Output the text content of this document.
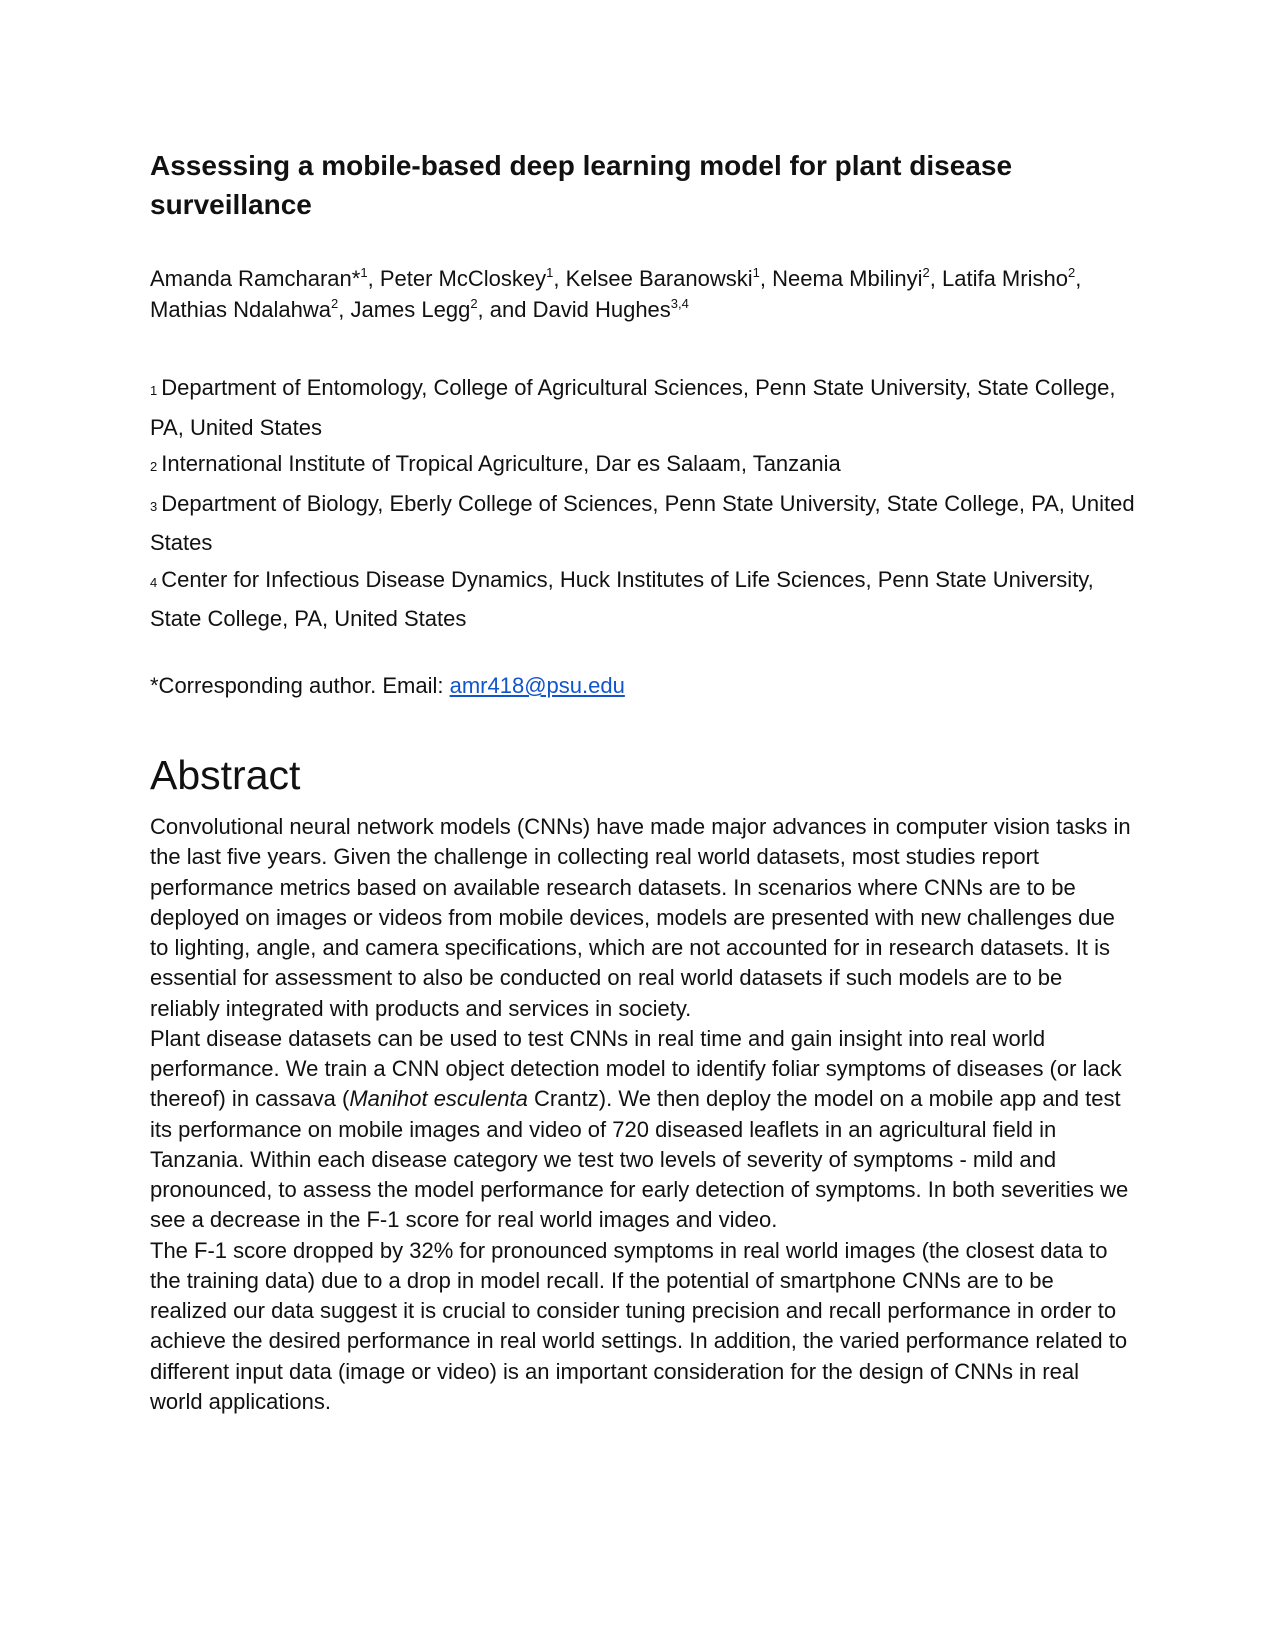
Assessing a mobile-based deep learning model for plant disease surveillance
Amanda Ramcharan*$^1$, Peter McCloskey$^1$, Kelsee Baranowski$^1$, Neema Mbilinyi$^2$, Latifa Mrisho$^2$,
Mathias Ndalahwa$^2$, James Legg$^2$, and David Hughes$^{3,4}$
1 Department of Entomology, College of Agricultural Sciences, Penn State University, State College, PA, United States
2 International Institute of Tropical Agriculture, Dar es Salaam, Tanzania
3 Department of Biology, Eberly College of Sciences, Penn State University, State College, PA, United States
4 Center for Infectious Disease Dynamics, Huck Institutes of Life Sciences, Penn State University, State College, PA, United States
*Corresponding author. Email: amr418@psu.edu
Abstract

Convolutional neural network models (CNNs) have made major advances in computer vision tasks in the last five years. Given the challenge in collecting real world datasets, most studies report performance metrics based on available research datasets. In scenarios where CNNs are to be deployed on images or videos from mobile devices, models are presented with new challenges due to lighting, angle, and camera specifications, which are not accounted for in research datasets. It is essential for assessment to also be conducted on real world datasets if such models are to be reliably integrated with products and services in society.

Plant disease datasets can be used to test CNNs in real time and gain insight into real world performance. We train a CNN object detection model to identify foliar symptoms of diseases (or lack thereof) in cassava (Manihot esculenta Crantz). We then deploy the model on a mobile app and test its performance on mobile images and video of 720 diseased leaflets in an agricultural field in Tanzania. Within each disease category we test two levels of severity of symptoms - mild and pronounced, to assess the model performance for early detection of symptoms. In both severities we see a decrease in the F-1 score for real world images and video.

The F-1 score dropped by 32% for pronounced symptoms in real world images (the closest data to the training data) due to a drop in model recall. If the potential of smartphone CNNs are to be realized our data suggest it is crucial to consider tuning precision and recall performance in order to achieve the desired performance in real world settings. In addition, the varied performance related to different input data (image or video) is an important consideration for the design of CNNs in real world applications.
